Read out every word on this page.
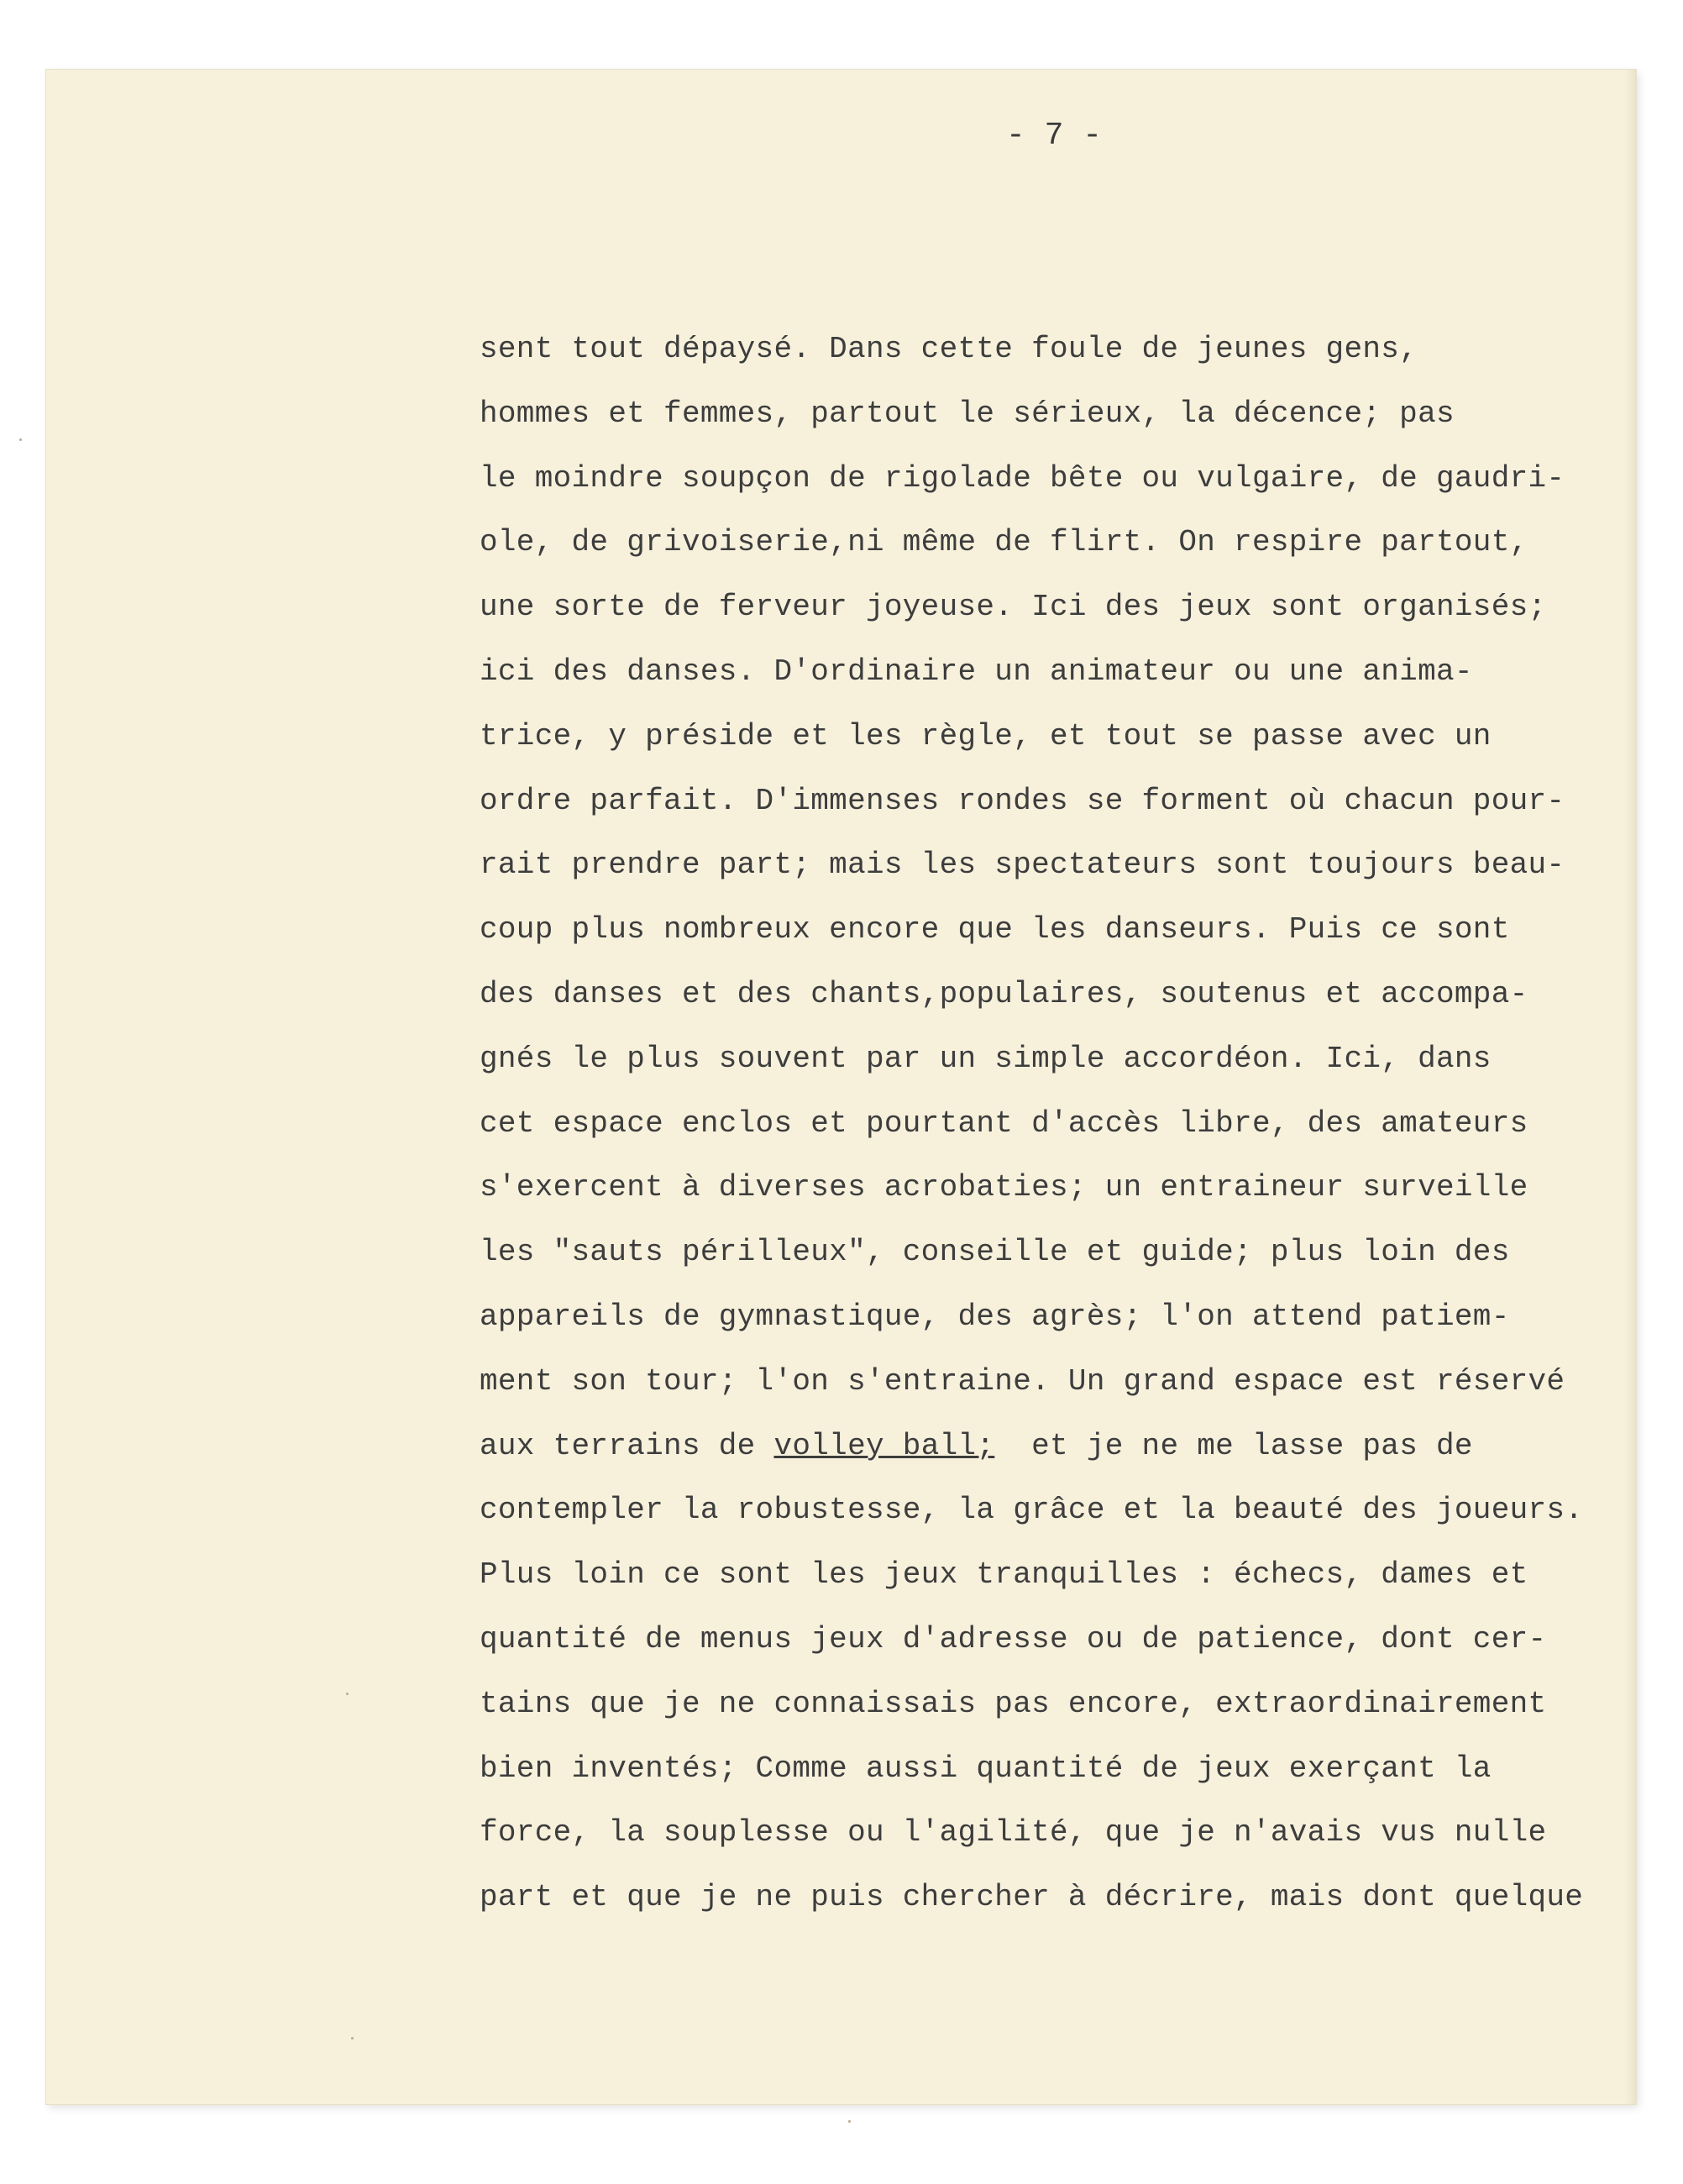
- 7 -
sent tout dépaysé. Dans cette foule de jeunes gens,
hommes et femmes, partout le sérieux, la décence; pas
le moindre soupçon de rigolade bête ou vulgaire, de gaudri-
ole, de grivoiserie,ni même de flirt. On respire partout,
une sorte de ferveur joyeuse. Ici des jeux sont organisés;
ici des danses. D'ordinaire un animateur ou une anima-
trice, y préside et les règle, et tout se passe avec un
ordre parfait. D'immenses rondes se forment où chacun pour-
rait prendre part; mais les spectateurs sont toujours beau-
coup plus nombreux encore que les danseurs. Puis ce sont
des danses et des chants,populaires, soutenus et accompa-
gnés le plus souvent par un simple accordéon. Ici, dans
cet espace enclos et pourtant d'accès libre, des amateurs
s'exercent à diverses acrobaties; un entraineur surveille
les "sauts périlleux", conseille et guide; plus loin des
appareils de gymnastique, des agrès; l'on attend patiem-
ment son tour; l'on s'entraine. Un grand espace est réservé
aux terrains de volley ball;  et je ne me lasse pas de
contempler la robustesse, la grâce et la beauté des joueurs.
Plus loin ce sont les jeux tranquilles : échecs, dames et
quantité de menus jeux d'adresse ou de patience, dont cer-
tains que je ne connaissais pas encore, extraordinairement
bien inventés; Comme aussi quantité de jeux exerçant la
force, la souplesse ou l'agilité, que je n'avais vus nulle
part et que je ne puis chercher à décrire, mais dont quelque
